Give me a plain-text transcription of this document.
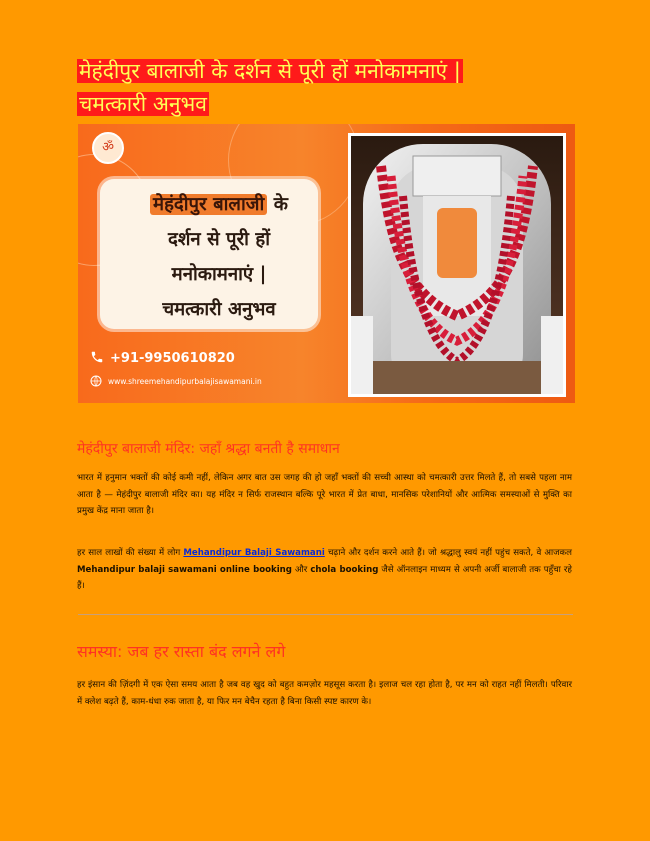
मेहंदीपुर बालाजी के दर्शन से पूरी हों मनोकामनाएं |
चमत्कारी अनुभव
ॐ
मेहंदीपुर बालाजी के
दर्शन से पूरी हों
मनोकामनाएं |
चमत्कारी अनुभव
+91-9950610820
www.shreemehandipurbalajisawamani.in
मेहंदीपुर बालाजी मंदिर: जहाँ श्रद्धा बनती है समाधान
भारत में हनुमान भक्तों की कोई कमी नहीं, लेकिन अगर बात उस जगह की हो जहाँ भक्तों की सच्ची आस्था को चमत्कारी उत्तर मिलते हैं, तो सबसे पहला नाम आता है — मेहंदीपुर बालाजी मंदिर का। यह मंदिर न सिर्फ राजस्थान बल्कि पूरे भारत में प्रेत बाधा, मानसिक परेशानियों और आत्मिक समस्याओं से मुक्ति का प्रमुख केंद्र माना जाता है।
हर साल लाखों की संख्या में लोग Mehandipur Balaji Sawamani चढ़ाने और दर्शन करने आते हैं। जो श्रद्धालु स्वयं नहीं पहुंच सकते, वे आजकल Mehandipur balaji sawamani online booking और chola booking जैसे ऑनलाइन माध्यम से अपनी अर्जी बालाजी तक पहुँचा रहे हैं।
समस्या: जब हर रास्ता बंद लगने लगे
हर इंसान की ज़िंदगी में एक ऐसा समय आता है जब वह खुद को बहुत कमज़ोर महसूस करता है। इलाज चल रहा होता है, पर मन को राहत नहीं मिलती। परिवार में क्लेश बढ़ते हैं, काम-धंधा रुक जाता है, या फिर मन बेचैन रहता है बिना किसी स्पष्ट कारण के।
